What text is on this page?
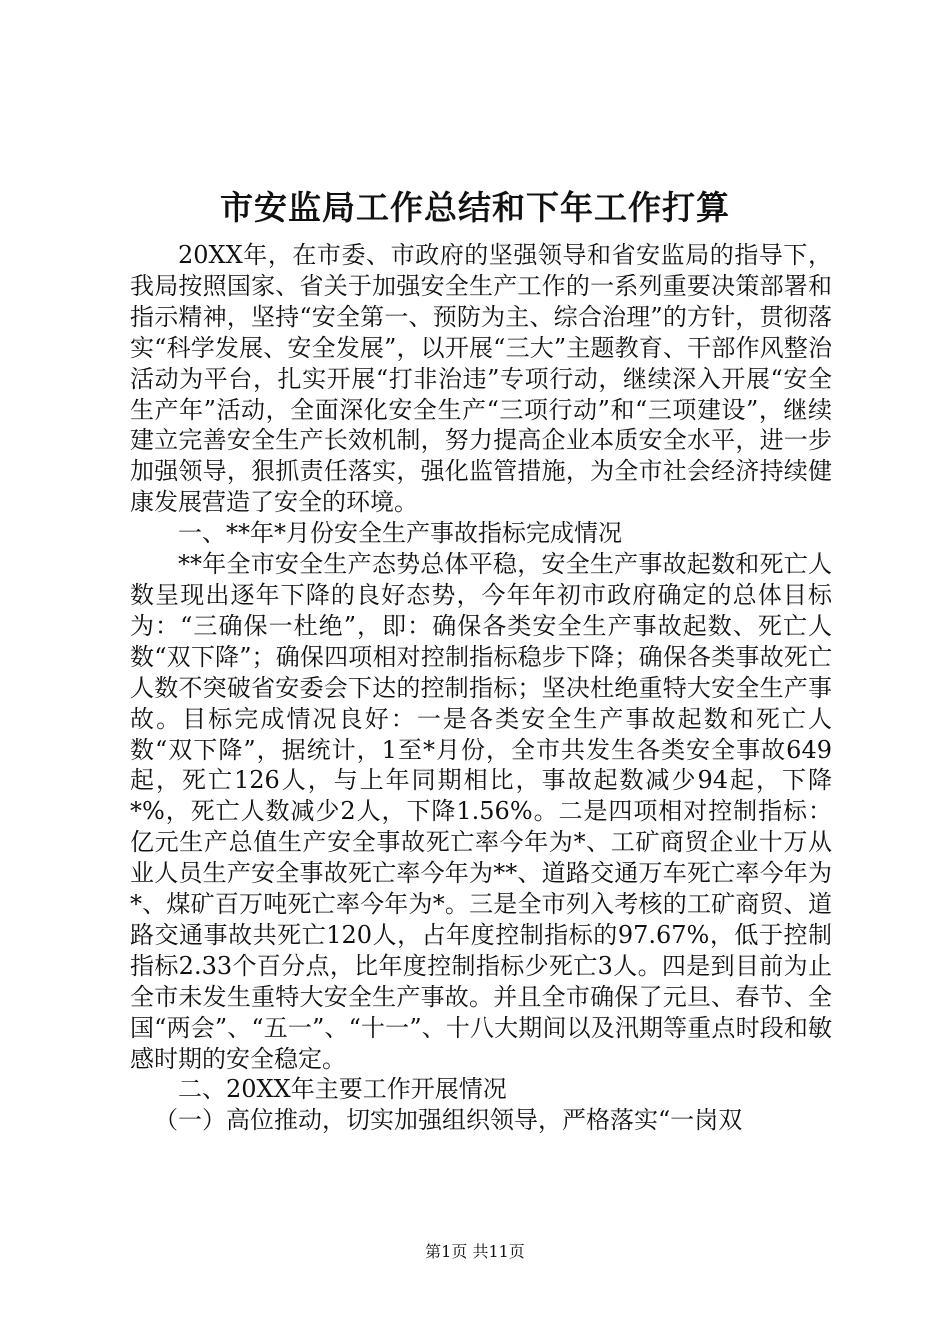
市安监局工作总结和下年工作打算

20XX年，在市委、市政府的坚强领导和省安监局的指导下，我局按照国家、省关于加强安全生产工作的一系列重要决策部署和指示精神，坚持“安全第一、预防为主、综合治理”的方针，贯彻落实“科学发展、安全发展”，以开展“三大”主题教育、干部作风整治活动为平台，扎实开展“打非治违”专项行动，继续深入开展“安全生产年”活动，全面深化安全生产“三项行动”和“三项建设”，继续建立完善安全生产长效机制，努力提高企业本质安全水平，进一步加强领导，狠抓责任落实，强化监管措施，为全市社会经济持续健康发展营造了安全的环境。

一、**年*月份安全生产事故指标完成情况

**年全市安全生产态势总体平稳，安全生产事故起数和死亡人数呈现出逐年下降的良好态势，今年年初市政府确定的总体目标为：“三确保一杜绝”，即：确保各类安全生产事故起数、死亡人数“双下降”；确保四项相对控制指标稳步下降；确保各类事故死亡人数不突破省安委会下达的控制指标；坚决杜绝重特大安全生产事故。目标完成情况良好：一是各类安全生产事故起数和死亡人数“双下降”，据统计，1至*月份，全市共发生各类安全事故649起，死亡126人，与上年同期相比，事故起数减少94起，下降*%，死亡人数减少2人，下降1.56%。二是四项相对控制指标：亿元生产总值生产安全事故死亡率今年为*、工矿商贸企业十万从业人员生产安全事故死亡率今年为**、道路交通万车死亡率今年为*、煤矿百万吨死亡率今年为*。三是全市列入考核的工矿商贸、道路交通事故共死亡120人，占年度控制指标的97.67%，低于控制指标2.33个百分点，比年度控制指标少死亡3人。四是到目前为止全市未发生重特大安全生产事故。并且全市确保了元旦、春节、全国“两会”、“五一”、“十一”、十八大期间以及汛期等重点时段和敏感时期的安全稳定。

二、20XX年主要工作开展情况

（一）高位推动，切实加强组织领导，严格落实“一岗双

第1页 共11页
